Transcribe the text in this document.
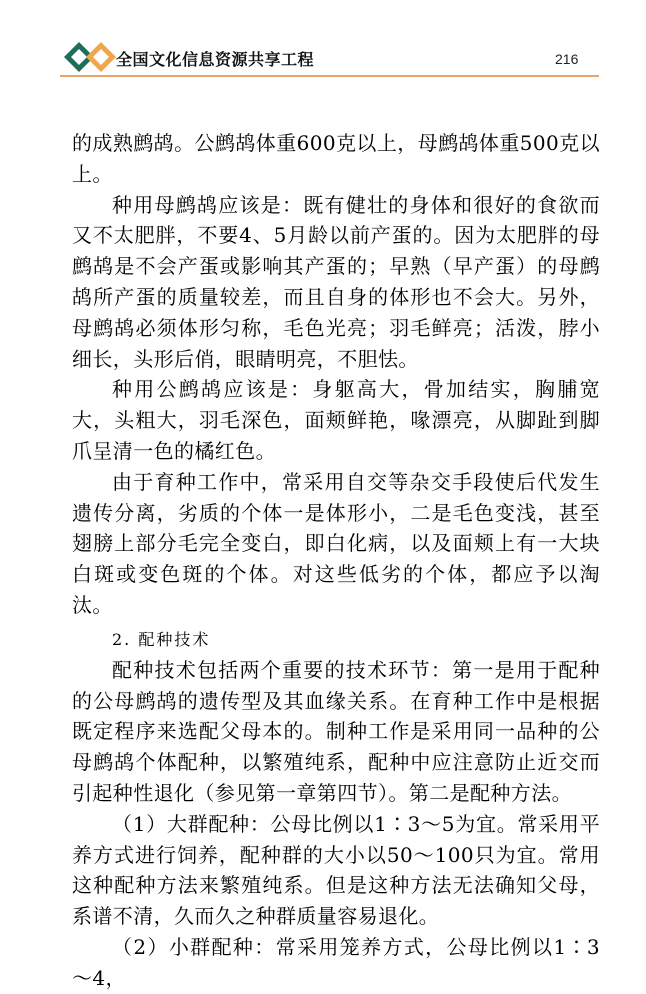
全国文化信息资源共享工程	216

的成熟鹧鸪。公鹧鸪体重600克以上，母鹧鸪体重500克以上。

种用母鹧鸪应该是：既有健壮的身体和很好的食欲而又不太肥胖，不要4、5月龄以前产蛋的。因为太肥胖的母鹧鸪是不会产蛋或影响其产蛋的；早熟（早产蛋）的母鹧鸪所产蛋的质量较差，而且自身的体形也不会大。另外，母鹧鸪必须体形匀称，毛色光亮；羽毛鲜亮；活泼，脖小细长，头形后俏，眼睛明亮，不胆怯。

种用公鹧鸪应该是：身躯高大，骨加结实，胸脯宽大，头粗大，羽毛深色，面颊鲜艳，喙漂亮，从脚趾到脚爪呈清一色的橘红色。

由于育种工作中，常采用自交等杂交手段使后代发生遗传分离，劣质的个体一是体形小，二是毛色变浅，甚至翅膀上部分毛完全变白，即白化病，以及面颊上有一大块白斑或变色斑的个体。对这些低劣的个体，都应予以淘汰。

2. 配种技术

配种技术包括两个重要的技术环节：第一是用于配种的公母鹧鸪的遗传型及其血缘关系。在育种工作中是根据既定程序来选配父母本的。制种工作是采用同一品种的公母鹧鸪个体配种，以繁殖纯系，配种中应注意防止近交而引起种性退化（参见第一章第四节）。第二是配种方法。

（1）大群配种：公母比例以1∶3～5为宜。常采用平养方式进行饲养，配种群的大小以50～100只为宜。常用这种配种方法来繁殖纯系。但是这种方法无法确知父母，系谱不清，久而久之种群质量容易退化。

（2）小群配种：常采用笼养方式，公母比例以1∶3～4，
